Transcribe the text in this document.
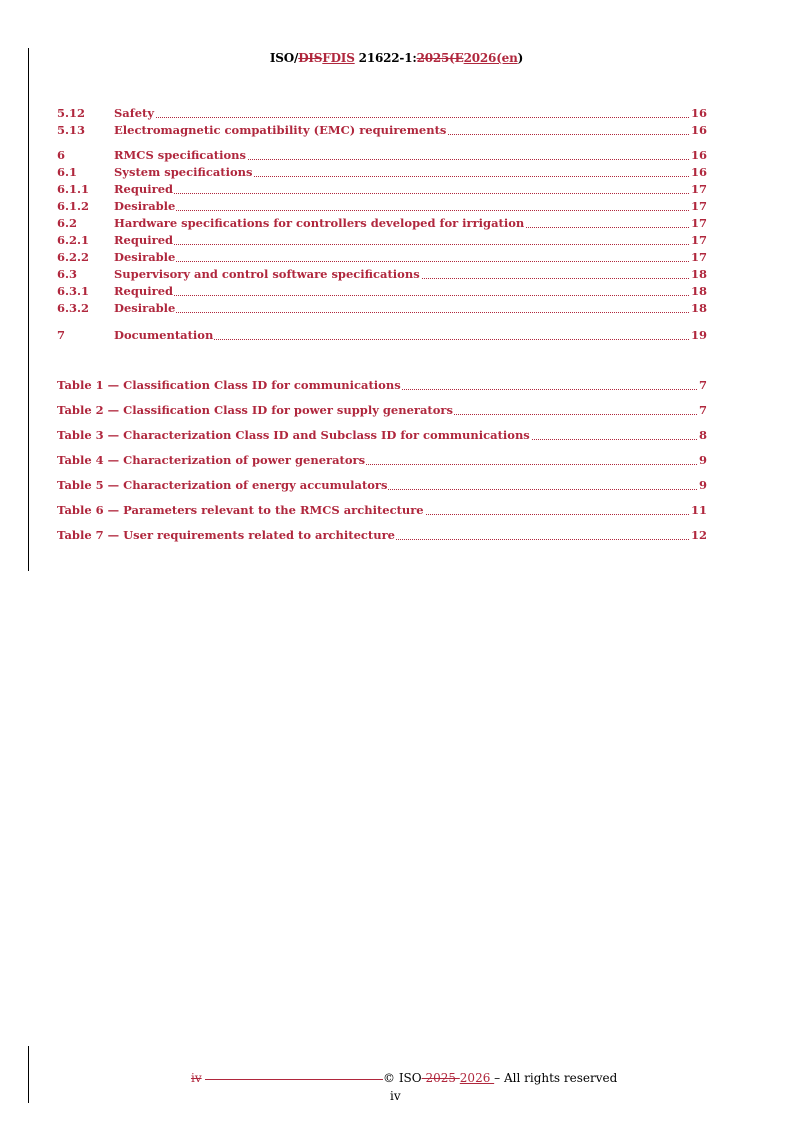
ISO/DISFDIS 21622-1:2025(E2026(en)
5.12	Safety	16
5.13	Electromagnetic compatibility (EMC) requirements	16
6	RMCS specifications	16
6.1	System specifications	16
6.1.1 Required	17
6.1.2 Desirable	17
6.2	Hardware specifications for controllers developed for irrigation	17
6.2.1 Required	17
6.2.2 Desirable	17
6.3	Supervisory and control software specifications	18
6.3.1 Required	18
6.3.2 Desirable	18
7	Documentation	19
Table 1 — Classification Class ID for communications	7
Table 2 — Classification Class ID for power supply generators	7
Table 3 — Characterization Class ID and Subclass ID for communications	8
Table 4 — Characterization of power generators	9
Table 5 — Characterization of energy accumulators	9
Table 6 — Parameters relevant to the RMCS architecture	11
Table 7 — User requirements related to architecture	12
iv	© ISO 2025 2026 – All rights reserved
iv
